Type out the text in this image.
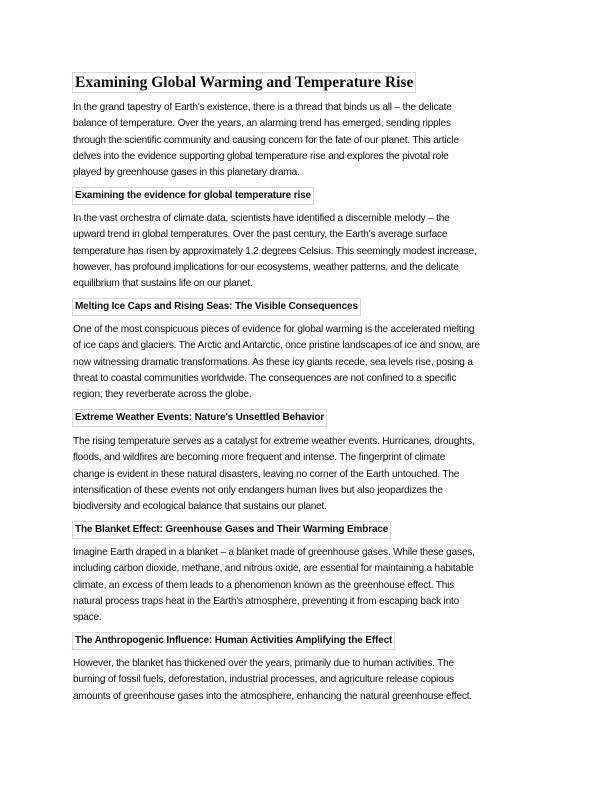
Examining Global Warming and Temperature Rise
In the grand tapestry of Earth's existence, there is a thread that binds us all – the delicate
balance of temperature. Over the years, an alarming trend has emerged, sending ripples
through the scientific community and causing concern for the fate of our planet. This article
delves into the evidence supporting global temperature rise and explores the pivotal role
played by greenhouse gases in this planetary drama.
Examining the evidence for global temperature rise
In the vast orchestra of climate data, scientists have identified a discernible melody – the
upward trend in global temperatures. Over the past century, the Earth's average surface
temperature has risen by approximately 1.2 degrees Celsius. This seemingly modest increase,
however, has profound implications for our ecosystems, weather patterns, and the delicate
equilibrium that sustains life on our planet.
Melting Ice Caps and Rising Seas: The Visible Consequences
One of the most conspicuous pieces of evidence for global warming is the accelerated melting
of ice caps and glaciers. The Arctic and Antarctic, once pristine landscapes of ice and snow, are
now witnessing dramatic transformations. As these icy giants recede, sea levels rise, posing a
threat to coastal communities worldwide. The consequences are not confined to a specific
region; they reverberate across the globe.
Extreme Weather Events: Nature's Unsettled Behavior
The rising temperature serves as a catalyst for extreme weather events. Hurricanes, droughts,
floods, and wildfires are becoming more frequent and intense. The fingerprint of climate
change is evident in these natural disasters, leaving no corner of the Earth untouched. The
intensification of these events not only endangers human lives but also jeopardizes the
biodiversity and ecological balance that sustains our planet.
The Blanket Effect: Greenhouse Gases and Their Warming Embrace
Imagine Earth draped in a blanket – a blanket made of greenhouse gases. While these gases,
including carbon dioxide, methane, and nitrous oxide, are essential for maintaining a habitable
climate, an excess of them leads to a phenomenon known as the greenhouse effect. This
natural process traps heat in the Earth's atmosphere, preventing it from escaping back into
space.
The Anthropogenic Influence: Human Activities Amplifying the Effect
However, the blanket has thickened over the years, primarily due to human activities. The
burning of fossil fuels, deforestation, industrial processes, and agriculture release copious
amounts of greenhouse gases into the atmosphere, enhancing the natural greenhouse effect.
